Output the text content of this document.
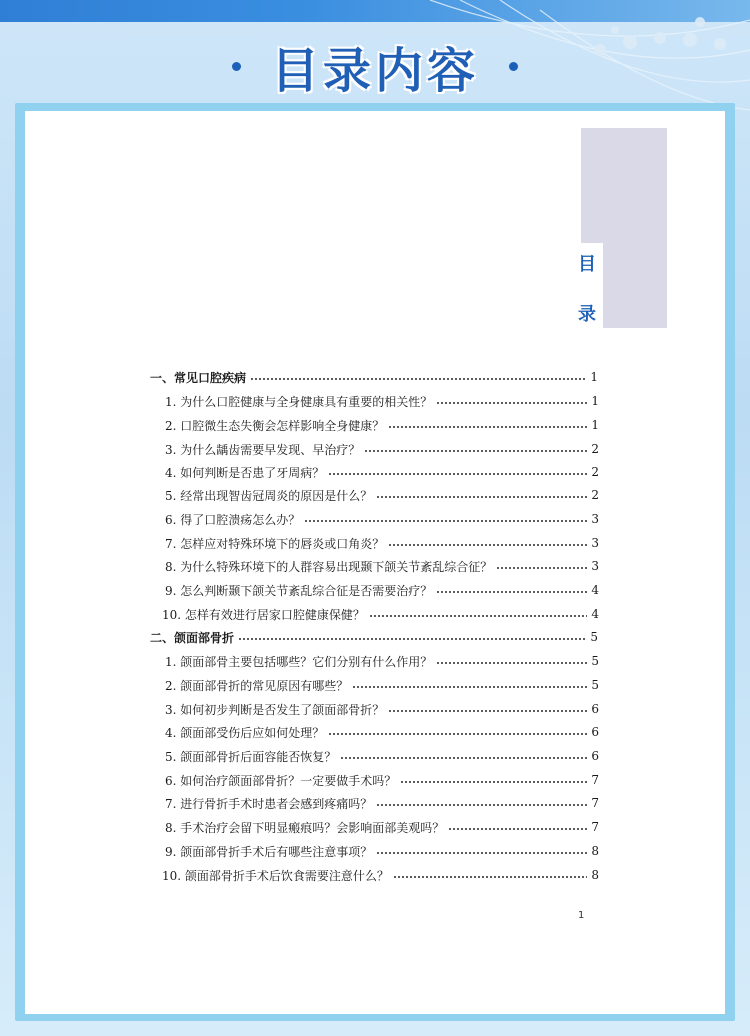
目录内容
目
录
一、常见口腔疾病	1
1. 为什么口腔健康与全身健康具有重要的相关性？	1
2. 口腔微生态失衡会怎样影响全身健康？	1
3. 为什么龋齿需要早发现、早治疗？	2
4. 如何判断是否患了牙周病？	2
5. 经常出现智齿冠周炎的原因是什么？	2
6. 得了口腔溃疡怎么办？	3
7. 怎样应对特殊环境下的唇炎或口角炎？	3
8. 为什么特殊环境下的人群容易出现颞下颌关节紊乱综合征？	3
9. 怎么判断颞下颌关节紊乱综合征是否需要治疗？	4
10. 怎样有效进行居家口腔健康保健？	4
二、颌面部骨折	5
1. 颌面部骨主要包括哪些？它们分别有什么作用？	5
2. 颌面部骨折的常见原因有哪些？	5
3. 如何初步判断是否发生了颌面部骨折？	6
4. 颌面部受伤后应如何处理？	6
5. 颌面部骨折后面容能否恢复？	6
6. 如何治疗颌面部骨折？一定要做手术吗？	7
7. 进行骨折手术时患者会感到疼痛吗？	7
8. 手术治疗会留下明显瘢痕吗？会影响面部美观吗？	7
9. 颌面部骨折手术后有哪些注意事项？	8
10. 颌面部骨折手术后饮食需要注意什么？	8
1
